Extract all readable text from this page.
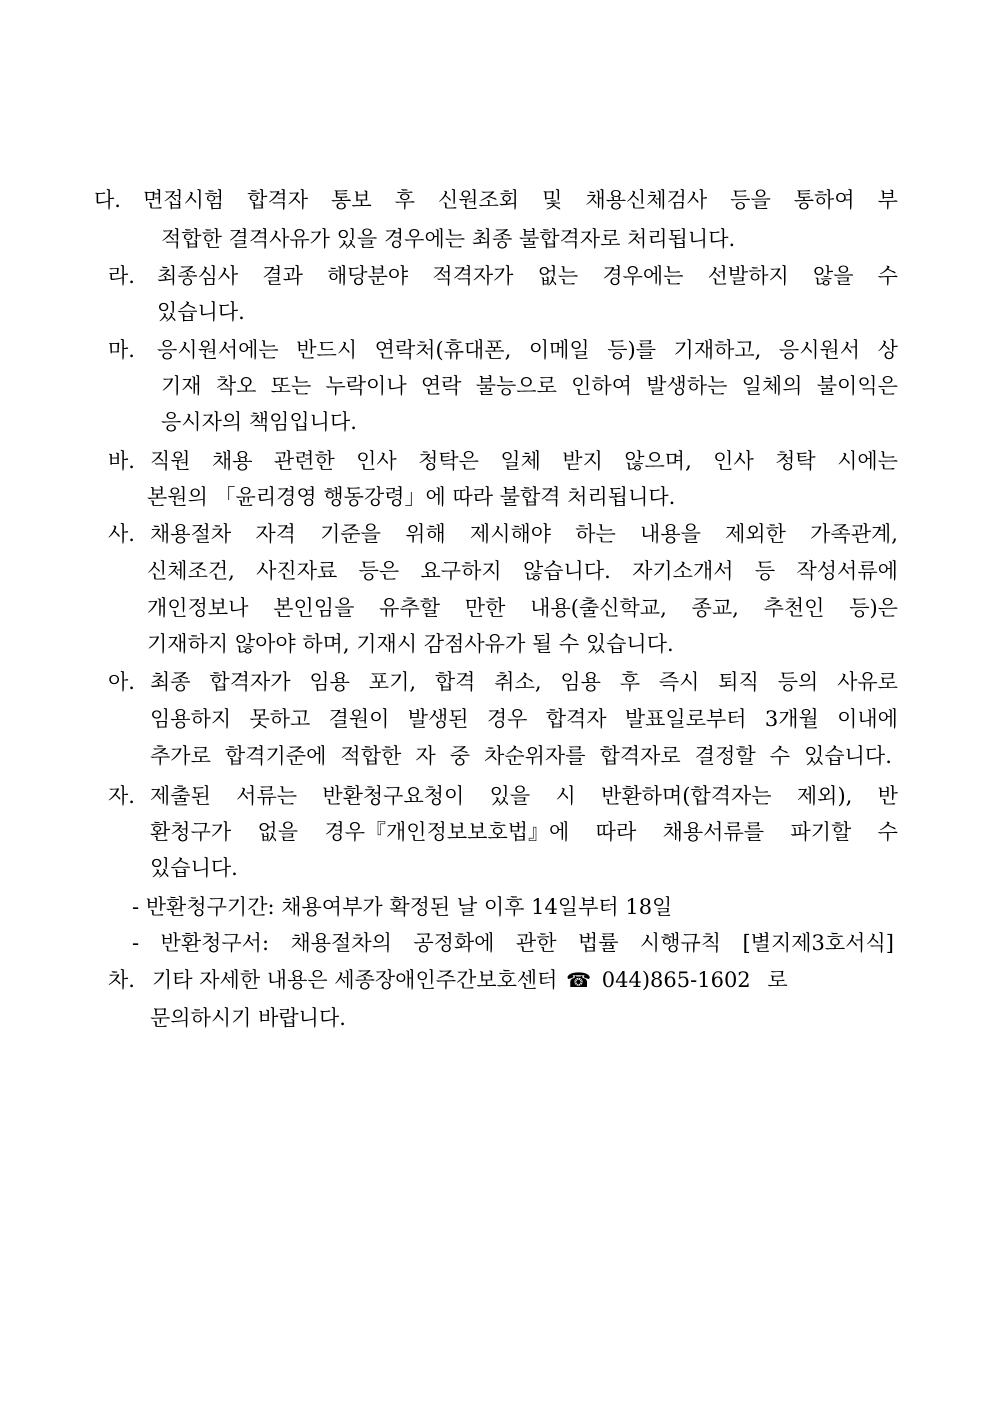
다. 면접시험 합격자 통보 후 신원조회 및 채용신체검사 등을 통하여 부
적합한 결격사유가 있을 경우에는 최종 불합격자로 처리됩니다.
라. 최종심사 결과 해당분야 적격자가 없는 경우에는 선발하지 않을 수
있습니다.
마. 응시원서에는 반드시 연락처(휴대폰, 이메일 등)를 기재하고, 응시원서 상
기재 착오 또는 누락이나 연락 불능으로 인하여 발생하는 일체의 불이익은
응시자의 책임입니다.
바. 직원 채용 관련한 인사 청탁은 일체 받지 않으며, 인사 청탁 시에는
본원의 「윤리경영 행동강령」에 따라 불합격 처리됩니다.
사. 채용절차 자격 기준을 위해 제시해야 하는 내용을 제외한 가족관계,
신체조건, 사진자료 등은 요구하지 않습니다. 자기소개서 등 작성서류에
개인정보나 본인임을 유추할 만한 내용(출신학교, 종교, 추천인 등)은
기재하지 않아야 하며, 기재시 감점사유가 될 수 있습니다.
아. 최종 합격자가 임용 포기, 합격 취소, 임용 후 즉시 퇴직 등의 사유로
임용하지 못하고 결원이 발생된 경우 합격자 발표일로부터 3개월 이내에
추가로 합격기준에 적합한 자 중 차순위자를 합격자로 결정할 수 있습니다.
자. 제출된 서류는 반환청구요청이 있을 시 반환하며(합격자는 제외), 반
환청구가 없을 경우『개인정보보호법』에 따라 채용서류를 파기할 수
있습니다.
- 반환청구기간: 채용여부가 확정된 날 이후 14일부터 18일
- 반환청구서: 채용절차의 공정화에 관한 법률 시행규칙 [별지제3호서식]
차. 기타 자세한 내용은 세종장애인주간보호센터 ☎ 044)865-1602 로
문의하시기 바랍니다.
